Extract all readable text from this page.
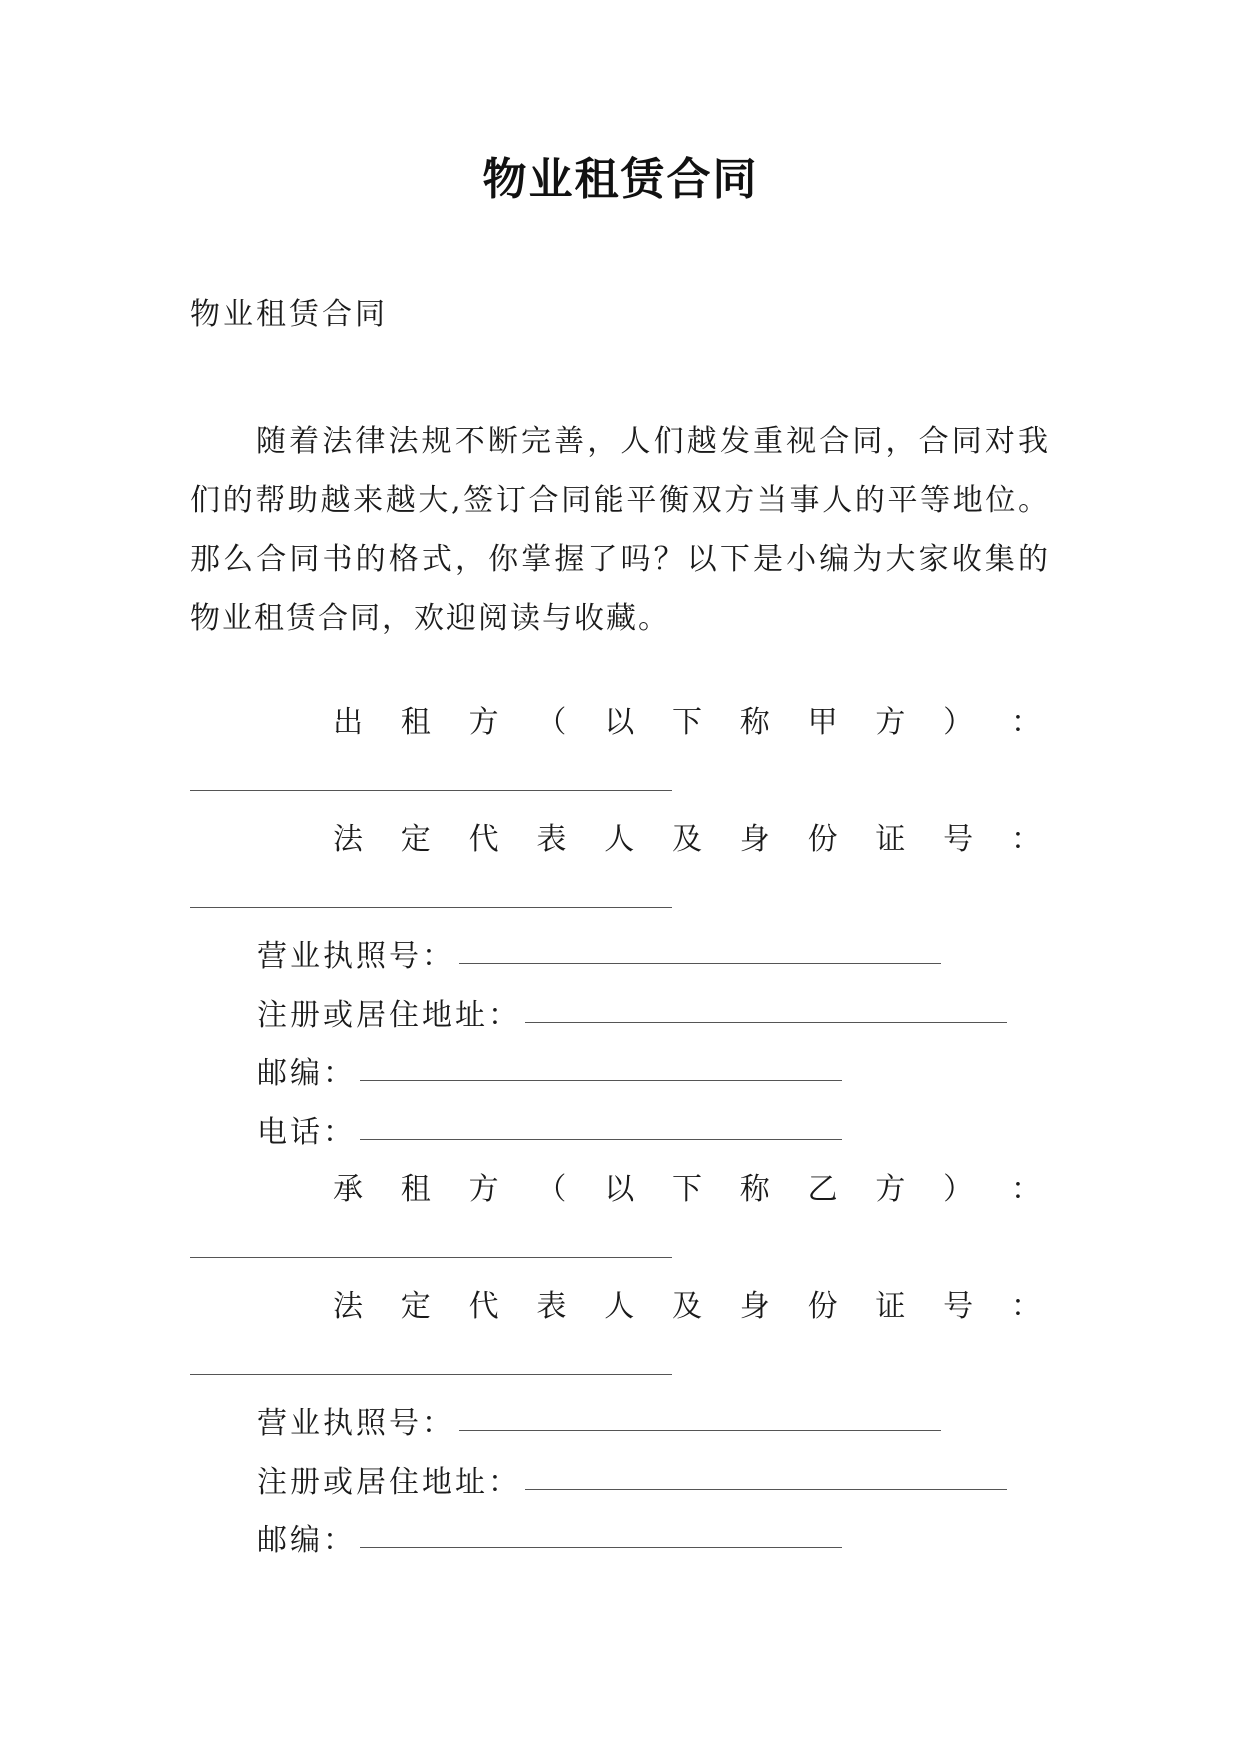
物业租赁合同
物业租赁合同
随着法律法规不断完善，人们越发重视合同，合同对我们的帮助越来越大,签订合同能平衡双方当事人的平等地位。那么合同书的格式，你掌握了吗？以下是小编为大家收集的物业租赁合同，欢迎阅读与收藏。
出 租 方 （ 以 下 称 甲 方 ） ：
法 定 代 表 人 及 身 份 证 号 ：
营业执照号：
注册或居住地址：
邮编：
电话：
承 租 方 （ 以 下 称 乙 方 ） ：
法 定 代 表 人 及 身 份 证 号 ：
营业执照号：
注册或居住地址：
邮编：
